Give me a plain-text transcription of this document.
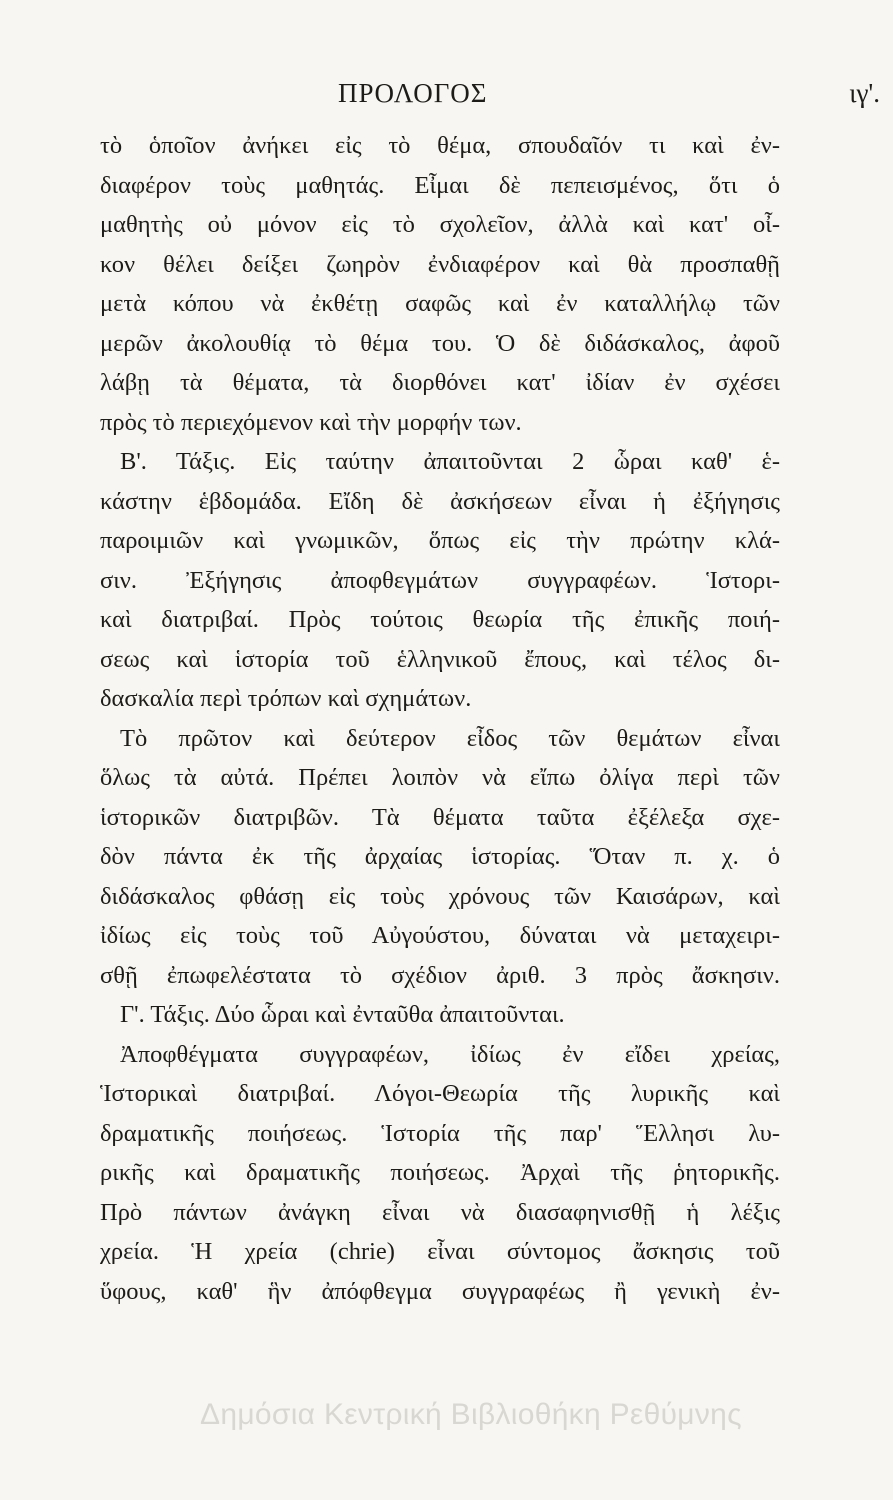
ΠΡΟΛΟΓΟΣ	ιγ'.
τὸ ὁποῖον ἀνήκει εἰς τὸ θέμα, σπουδαῖόν τι καὶ ἐν-
διαφέρον τοὺς μαθητάς. Εἶμαι δὲ πεπεισμένος, ὅτι ὁ
μαθητὴς οὐ μόνον εἰς τὸ σχολεῖον, ἀλλὰ καὶ κατ' οἶ-
κον θέλει δείξει ζωηρὸν ἐνδιαφέρον καὶ θὰ προσπαθῇ
μετὰ κόπου νὰ ἐκθέτῃ σαφῶς καὶ ἐν καταλλήλῳ τῶν
μερῶν ἀκολουθίᾳ τὸ θέμα του. Ὁ δὲ διδάσκαλος, ἀφοῦ
λάβῃ τὰ θέματα, τὰ διορθόνει κατ' ἰδίαν ἐν σχέσει
πρὸς τὸ περιεχόμενον καὶ τὴν μορφήν των.
Β'. Τάξις. Εἰς ταύτην ἀπαιτοῦνται 2 ὧραι καθ' ἑ-
κάστην ἑβδομάδα. Εἴδη δὲ ἀσκήσεων εἶναι ἡ ἐξήγησις
παροιμιῶν καὶ γνωμικῶν, ὅπως εἰς τὴν πρώτην κλά-
σιν. Ἐξήγησις ἀποφθεγμάτων συγγραφέων. Ἱστορι-
καὶ διατριβαί. Πρὸς τούτοις θεωρία τῆς ἐπικῆς ποιή-
σεως καὶ ἱστορία τοῦ ἑλληνικοῦ ἔπους, καὶ τέλος δι-
δασκαλία περὶ τρόπων καὶ σχημάτων.
Τὸ πρῶτον καὶ δεύτερον εἶδος τῶν θεμάτων εἶναι
ὅλως τὰ αὐτά. Πρέπει λοιπὸν νὰ εἴπω ὀλίγα περὶ τῶν
ἱστορικῶν διατριβῶν. Τὰ θέματα ταῦτα ἐξέλεξα σχε-
δὸν πάντα ἐκ τῆς ἀρχαίας ἱστορίας. Ὅταν π. χ. ὁ
διδάσκαλος φθάσῃ εἰς τοὺς χρόνους τῶν Καισάρων, καὶ
ἰδίως εἰς τοὺς τοῦ Αὐγούστου, δύναται νὰ μεταχειρι-
σθῇ ἐπωφελέστατα τὸ σχέδιον ἀριθ. 3 πρὸς ἄσκησιν.
Γ'. Τάξις. Δύο ὧραι καὶ ἐνταῦθα ἀπαιτοῦνται.
Ἀποφθέγματα συγγραφέων, ἰδίως ἐν εἴδει χρείας,
Ἱστορικαὶ διατριβαί. Λόγοι-Θεωρία τῆς λυρικῆς καὶ
δραματικῆς ποιήσεως. Ἱστορία τῆς παρ' Ἕλλησι λυ-
ρικῆς καὶ δραματικῆς ποιήσεως. Ἀρχαὶ τῆς ῥητορικῆς.
Πρὸ πάντων ἀνάγκη εἶναι νὰ διασαφηνισθῇ ἡ λέξις
χρεία. Ἡ χρεία (chrie) εἶναι σύντομος ἄσκησις τοῦ
ὕφους, καθ' ἣν ἀπόφθεγμα συγγραφέως ἢ γενικὴ ἐν-
Δημόσια Κεντρική Βιβλιοθήκη Ρεθύμνης
